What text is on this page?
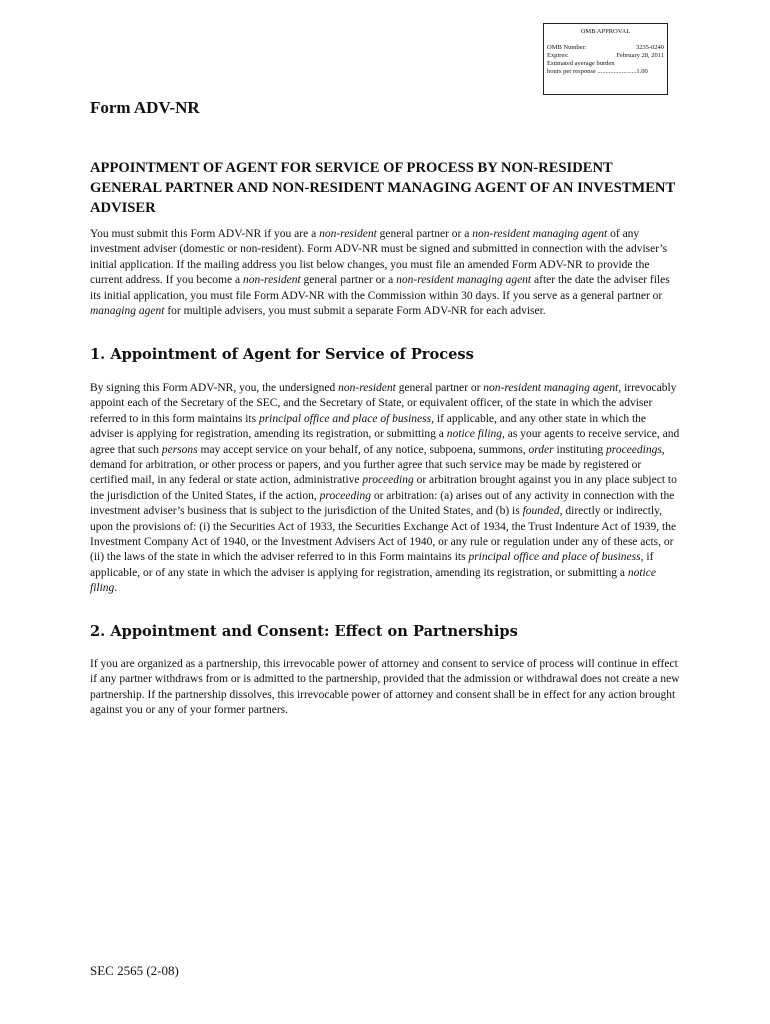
OMB APPROVAL
OMB Number:	3235-0240
Expires:	February 28, 2011
Estimated average burden
hours per response ........................1.00
Form ADV-NR
APPOINTMENT OF AGENT FOR SERVICE OF PROCESS BY NON-RESIDENT GENERAL PARTNER AND NON-RESIDENT MANAGING AGENT OF AN INVESTMENT ADVISER

You must submit this Form ADV-NR if you are a non-resident general partner or a non-resident managing agent of any investment adviser (domestic or non-resident). Form ADV-NR must be signed and submitted in connection with the adviser’s initial application. If the mailing address you list below changes, you must file an amended Form ADV-NR to provide the current address. If you become a non-resident general partner or a non-resident managing agent after the date the adviser files its initial application, you must file Form ADV-NR with the Commission within 30 days. If you serve as a general partner or managing agent for multiple advisers, you must submit a separate Form ADV-NR for each adviser.

1. Appointment of Agent for Service of Process

By signing this Form ADV-NR, you, the undersigned non-resident general partner or non-resident managing agent, irrevocably appoint each of the Secretary of the SEC, and the Secretary of State, or equivalent officer, of the state in which the adviser referred to in this form maintains its principal office and place of business, if applicable, and any other state in which the adviser is applying for registration, amending its registration, or submitting a notice filing, as your agents to receive service, and agree that such persons may accept service on your behalf, of any notice, subpoena, summons, order instituting proceedings, demand for arbitration, or other process or papers, and you further agree that such service may be made by registered or certified mail, in any federal or state action, administrative proceeding or arbitration brought against you in any place subject to the jurisdiction of the United States, if the action, proceeding or arbitration: (a) arises out of any activity in connection with the investment adviser’s business that is subject to the jurisdiction of the United States, and (b) is founded, directly or indirectly, upon the provisions of: (i) the Securities Act of 1933, the Securities Exchange Act of 1934, the Trust Indenture Act of 1939, the Investment Company Act of 1940, or the Investment Advisers Act of 1940, or any rule or regulation under any of these acts, or (ii) the laws of the state in which the adviser referred to in this Form maintains its principal office and place of business, if applicable, or of any state in which the adviser is applying for registration, amending its registration, or submitting a notice filing.

2. Appointment and Consent: Effect on Partnerships

If you are organized as a partnership, this irrevocable power of attorney and consent to service of process will continue in effect if any partner withdraws from or is admitted to the partnership, provided that the admission or withdrawal does not create a new partnership. If the partnership dissolves, this irrevocable power of attorney and consent shall be in effect for any action brought against you or any of your former partners.

SEC 2565 (2-08)
